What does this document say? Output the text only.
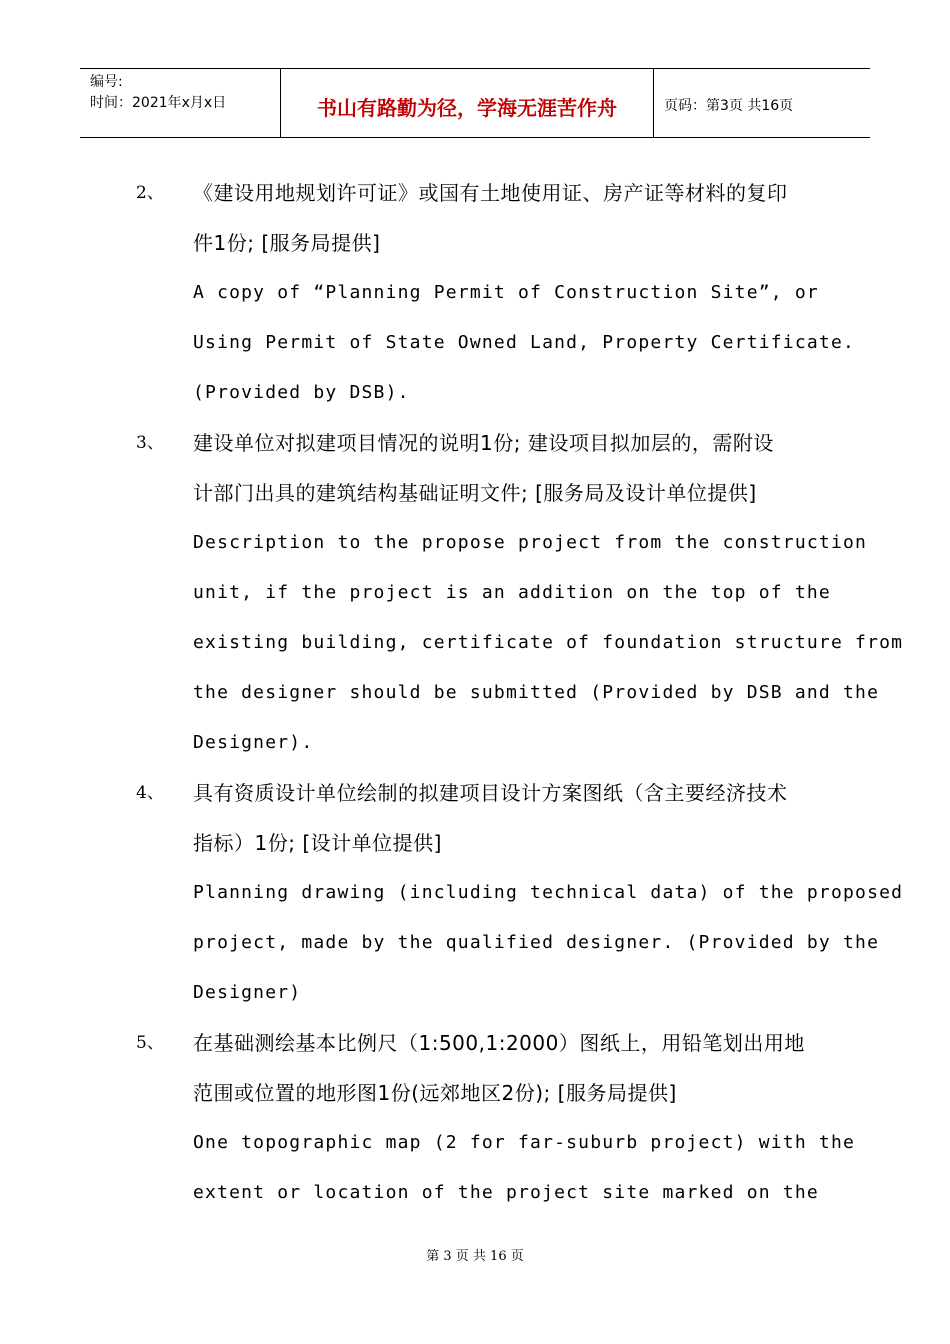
编号:
时间：2021年x月x日	书山有路勤为径，学海无涯苦作舟	页码：第3页 共16页
2、 《建设用地规划许可证》或国有土地使用证、房产证等材料的复印
件1份; [服务局提供]
A copy of “Planning Permit of Construction Site”, or
Using Permit of State Owned Land, Property Certificate.
(Provided by DSB).
3、 建设单位对拟建项目情况的说明1份; 建设项目拟加层的，需附设
计部门出具的建筑结构基础证明文件; [服务局及设计单位提供]
Description to the propose project from the construction
unit, if the project is an addition on the top of the
existing building, certificate of foundation structure from
the designer should be submitted (Provided by DSB and the
Designer).
4、 具有资质设计单位绘制的拟建项目设计方案图纸（含主要经济技术
指标）1份; [设计单位提供]
Planning drawing (including technical data) of the proposed
project, made by the qualified designer. (Provided by the
Designer)
5、 在基础测绘基本比例尺（1:500,1:2000）图纸上，用铅笔划出用地
范围或位置的地形图1份(远郊地区2份); [服务局提供]
One topographic map (2 for far-suburb project) with the
extent or location of the project site marked on the
第 3 页 共 16 页
